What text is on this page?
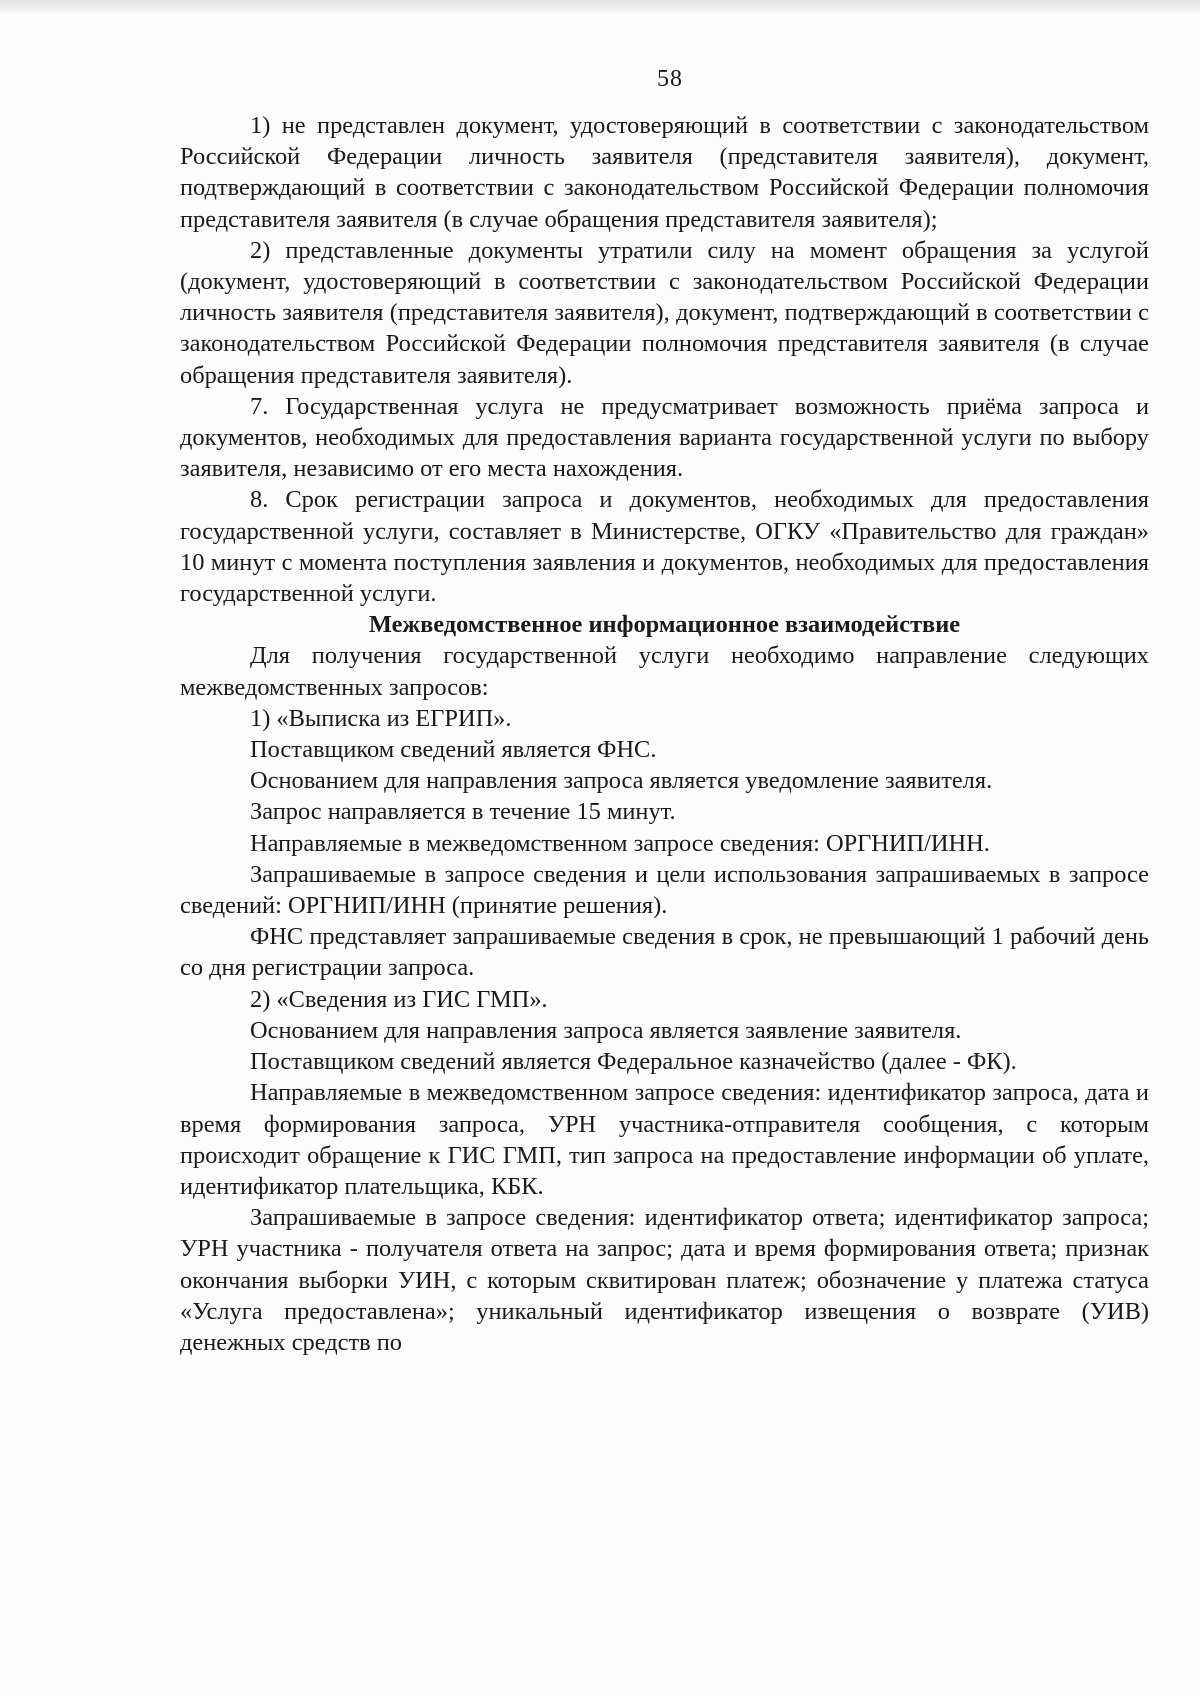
58

1) не представлен документ, удостоверяющий в соответствии с законодательством Российской Федерации личность заявителя (представителя заявителя), документ, подтверждающий в соответствии с законодательством Российской Федерации полномочия представителя заявителя (в случае обращения представителя заявителя);

2) представленные документы утратили силу на момент обращения за услугой (документ, удостоверяющий в соответствии с законодательством Российской Федерации личность заявителя (представителя заявителя), документ, подтверждающий в соответствии с законодательством Российской Федерации полномочия представителя заявителя (в случае обращения представителя заявителя).

7. Государственная услуга не предусматривает возможность приёма запроса и документов, необходимых для предоставления варианта государственной услуги по выбору заявителя, независимо от его места нахождения.

8. Срок регистрации запроса и документов, необходимых для предоставления государственной услуги, составляет в Министерстве, ОГКУ «Правительство для граждан» 10 минут с момента поступления заявления и документов, необходимых для предоставления государственной услуги.

Межведомственное информационное взаимодействие

Для получения государственной услуги необходимо направление следующих межведомственных запросов:

1) «Выписка из ЕГРИП».

Поставщиком сведений является ФНС.

Основанием для направления запроса является уведомление заявителя.

Запрос направляется в течение 15 минут.

Направляемые в межведомственном запросе сведения: ОРГНИП/ИНН.

Запрашиваемые в запросе сведения и цели использования запрашиваемых в запросе сведений: ОРГНИП/ИНН (принятие решения).

ФНС представляет запрашиваемые сведения в срок, не превышающий 1 рабочий день со дня регистрации запроса.

2) «Сведения из ГИС ГМП».

Основанием для направления запроса является заявление заявителя.

Поставщиком сведений является Федеральное казначейство (далее - ФК).

Направляемые в межведомственном запросе сведения: идентификатор запроса, дата и время формирования запроса, УРН участника-отправителя сообщения, с которым происходит обращение к ГИС ГМП, тип запроса на предоставление информации об уплате, идентификатор плательщика, КБК.

Запрашиваемые в запросе сведения: идентификатор ответа; идентификатор запроса; УРН участника - получателя ответа на запрос; дата и время формирования ответа; признак окончания выборки УИН, с которым сквитирован платеж; обозначение у платежа статуса «Услуга предоставлена»; уникальный идентификатор извещения о возврате (УИВ) денежных средств по
